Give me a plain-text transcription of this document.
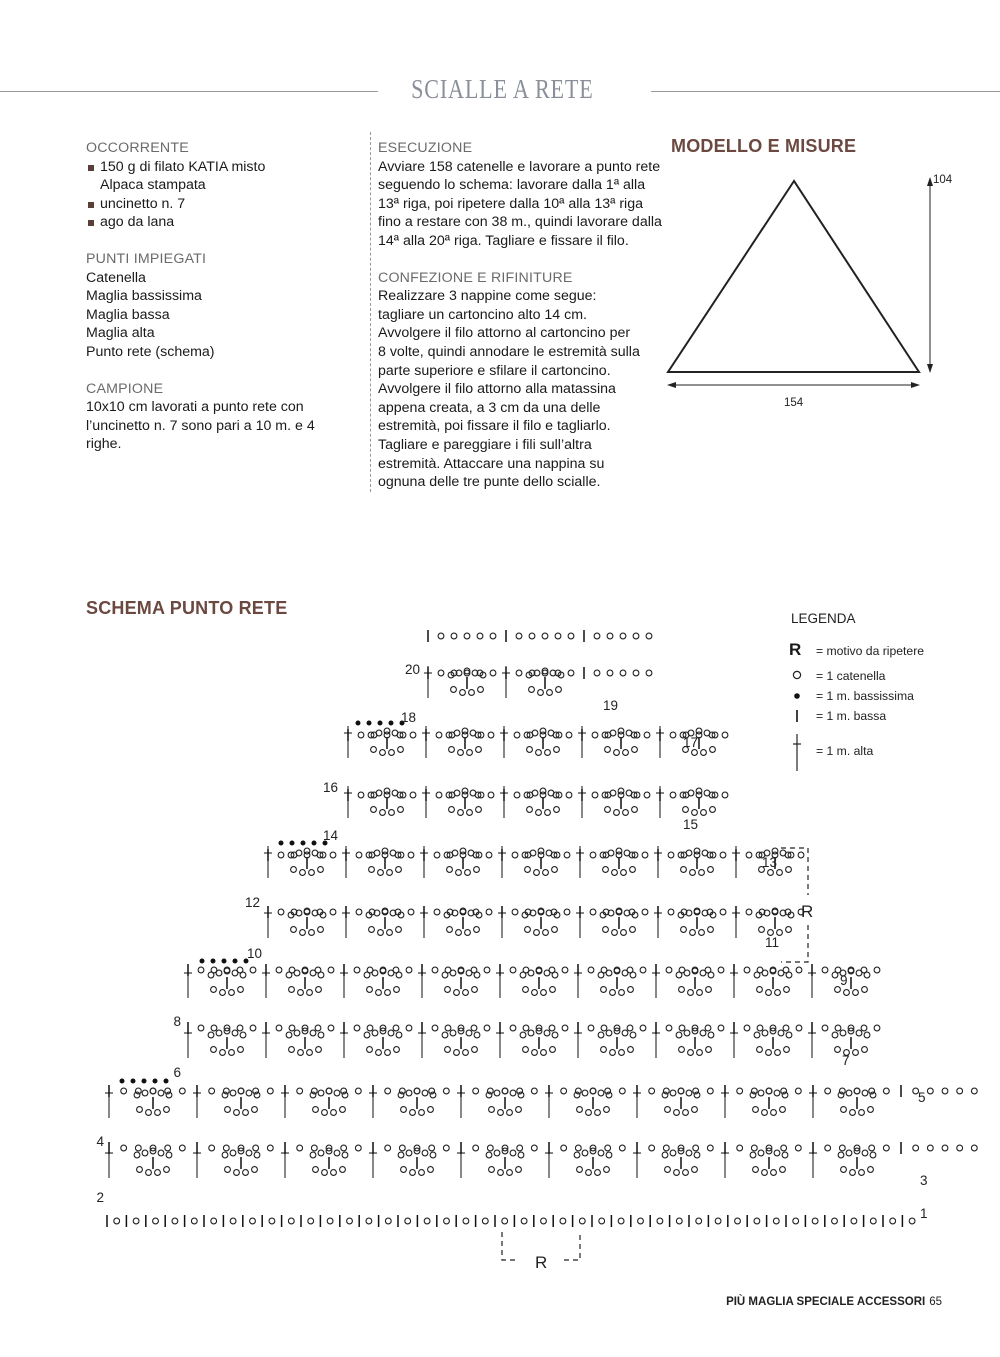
SCIALLE A RETE
OCCORRENTE
150 g di filato KATIA misto
Alpaca stampata
uncinetto n. 7
ago da lana
PUNTI IMPIEGATI
Catenella
Maglia bassissima
Maglia bassa
Maglia alta
Punto rete (schema)
CAMPIONE
10x10 cm lavorati a punto rete con
l’uncinetto n. 7 sono pari a 10 m. e 4
righe.
ESECUZIONE
Avviare 158 catenelle e lavorare a punto rete
seguendo lo schema: lavorare dalla 1ª alla
13ª riga, poi ripetere dalla 10ª alla 13ª riga
fino a restare con 38 m., quindi lavorare dalla
14ª alla 20ª riga. Tagliare e fissare il filo.
CONFEZIONE E RIFINITURE
Realizzare 3 nappine come segue:
tagliare un cartoncino alto 14 cm.
Avvolgere il filo attorno al cartoncino per
8 volte, quindi annodare le estremità sulla
parte superiore e sfilare il cartoncino.
Avvolgere il filo attorno alla matassina
appena creata, a 3 cm da una delle
estremità, poi fissare il filo e tagliarlo.
Tagliare e pareggiare i fili sull’altra
estremità. Attaccare una nappina su
ognuna delle tre punte dello scialle.
MODELLO E MISURE
104
154
SCHEMA PUNTO RETE
1
2
3
4
5
6
7
8
9
10
11
12
13
14
15
16
17
18
19
20
R
R
LEGENDA
R = motivo da ripetere
= 1 catenella
= 1 m. bassissima
= 1 m. bassa
= 1 m. alta
PIÙ MAGLIA SPECIALE ACCESSORI 65
